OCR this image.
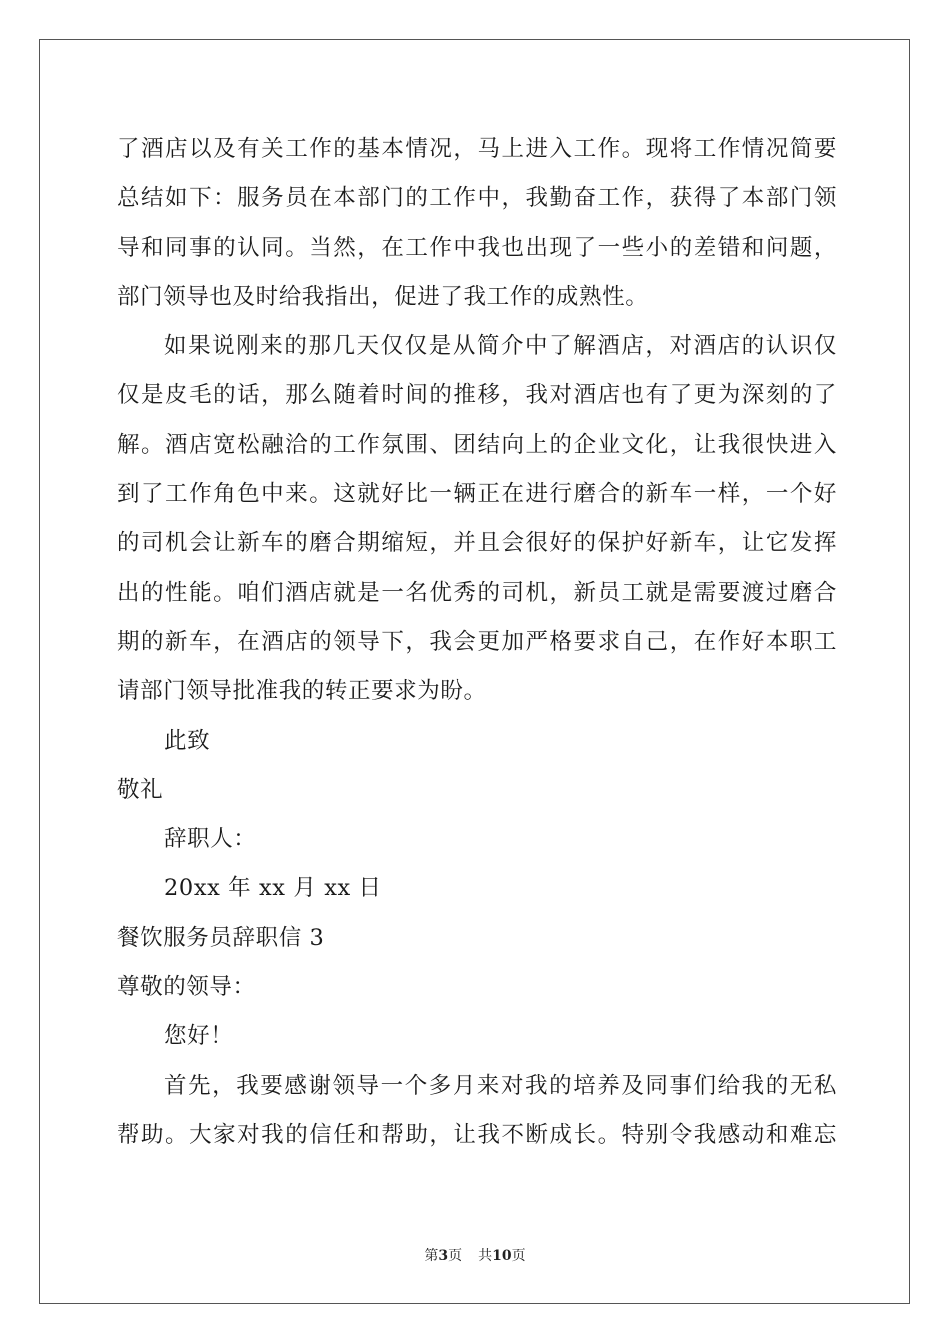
了酒店以及有关工作的基本情况，马上进入工作。现将工作情况简要
总结如下：服务员在本部门的工作中，我勤奋工作，获得了本部门领
导和同事的认同。当然，在工作中我也出现了一些小的差错和问题，
部门领导也及时给我指出，促进了我工作的成熟性。
如果说刚来的那几天仅仅是从简介中了解酒店，对酒店的认识仅
仅是皮毛的话，那么随着时间的推移，我对酒店也有了更为深刻的了
解。酒店宽松融洽的工作氛围、团结向上的企业文化，让我很快进入
到了工作角色中来。这就好比一辆正在进行磨合的新车一样，一个好
的司机会让新车的磨合期缩短，并且会很好的保护好新车，让它发挥
出的性能。咱们酒店就是一名优秀的司机，新员工就是需要渡过磨合
期的新车，在酒店的领导下，我会更加严格要求自己，在作好本职工
请部门领导批准我的转正要求为盼。
此致
敬礼
辞职人：
20xx 年 xx 月 xx 日
餐饮服务员辞职信 3
尊敬的领导：
您好！
首先，我要感谢领导一个多月来对我的培养及同事们给我的无私
帮助。大家对我的信任和帮助，让我不断成长。特别令我感动和难忘
第3页 共10页
